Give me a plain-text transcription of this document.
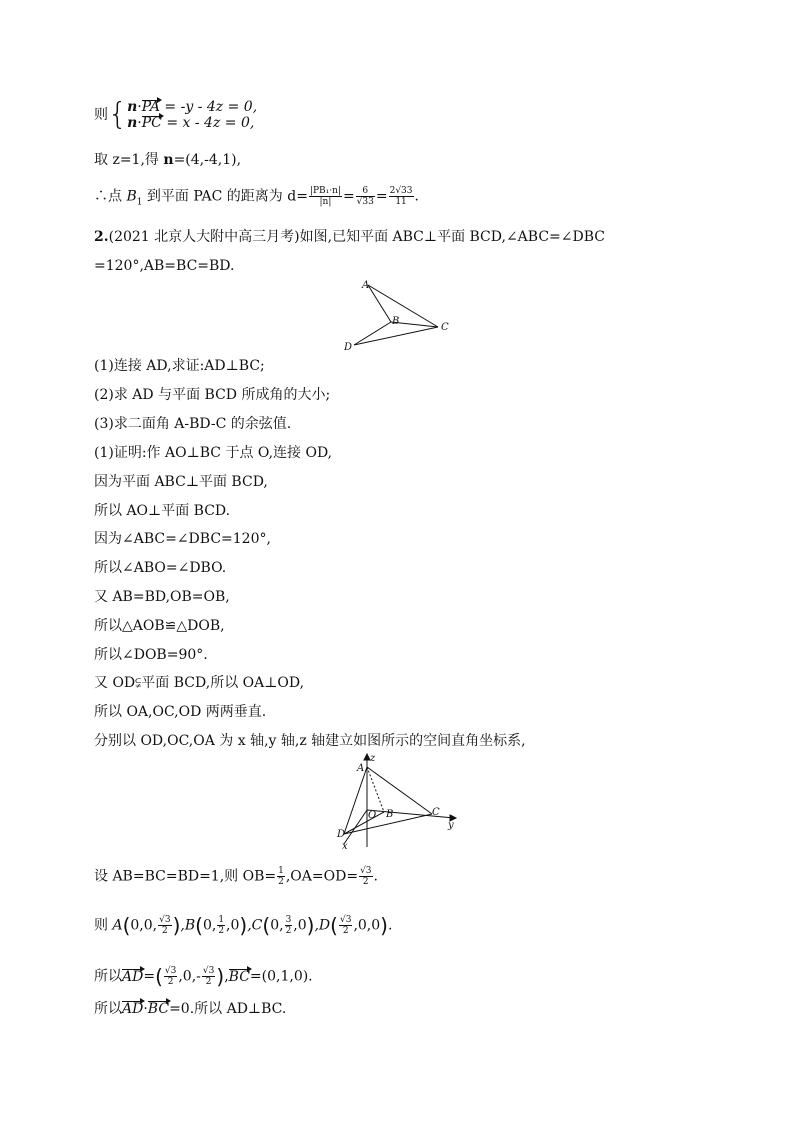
则{ n·PA = -y - 4z = 0,
n·PC = x - 4z = 0,
取 z=1,得 n=(4,-4,1),
∴点 $B_1$ 到平面 PAC 的距离为 $d= \frac{\text{|PB₁·n|}}{|n|} = \frac{6}{√33} = \frac{2√33}{11}$ .
2.(2021 北京人大附中高三月考)如图,已知平面 ABC⊥平面 BCD,∠ABC=∠DBC
=120°,AB=BC=BD.
A
B
C
D
(1)连接 AD,求证:AD⊥BC;
(2)求 AD 与平面 BCD 所成角的大小;
(3)求二面角 A-BD-C 的余弦值.
(1)证明:作 AO⊥BC 于点 O,连接 OD,
因为平面 ABC⊥平面 BCD,
所以 AO⊥平面 BCD.
因为∠ABC=∠DBC=120°,
所以∠ABO=∠DBO.
又 AB=BD,OB=OB,
所以△AOB≌△DOB,
所以∠DOB=90°.
又 OD⫋平面 BCD,所以 OA⊥OD,
所以 OA,OC,OD 两两垂直.
分别以 OD,OC,OA 为 x 轴,y 轴,z 轴建立如图所示的空间直角坐标系,
A
z
O B	C
y
D
x
设 AB=BC=BD=1,则 $OB= \frac{1}{2} ,OA=OD= \frac{√3}{2}$ .
则 A(0,0, $\frac{√3}{2} ),B(0$, $\frac{1}{2} ,0),C(0$, $\frac{3}{2} ,0),D( \frac{√3}{2} ,0,0)$.
所以$AD=( \frac{√3}{2} ,0,- \frac{√3}{2} ),BC=(0,1,0)$.
所以AD·BC=0.所以 AD⊥BC.
